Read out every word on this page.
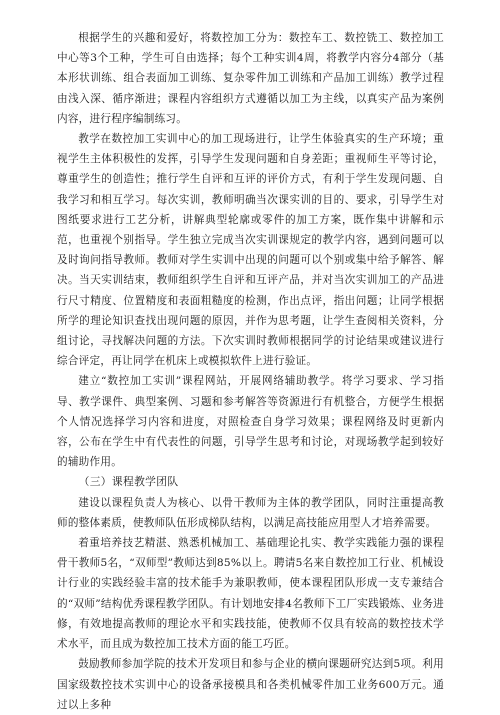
根据学生的兴趣和爱好，将数控加工分为：数控车工、数控铣工、数控加工中心等3个工种，学生可自由选择；每个工种实训4周，将教学内容分4部分（基本形状训练、组合表面加工训练、复杂零件加工训练和产品加工训练）教学过程由浅入深、循序渐进；课程内容组织方式遵循以加工为主线，以真实产品为案例内容，进行程序编制练习。

教学在数控加工实训中心的加工现场进行，让学生体验真实的生产环境；重视学生主体积极性的发挥，引导学生发现问题和自身差距；重视师生平等讨论，尊重学生的创造性；推行学生自评和互评的评价方式，有利于学生发现问题、自我学习和相互学习。每次实训，教师明确当次课实训的目的、要求，引导学生对图纸要求进行工艺分析，讲解典型轮廓或零件的加工方案，既作集中讲解和示范，也重视个别指导。学生独立完成当次实训课规定的教学内容，遇到问题可以及时询问指导教师。教师对学生实训中出现的问题可以个别或集中给予解答、解决。当天实训结束，教师组织学生自评和互评产品，并对当次实训加工的产品进行尺寸精度、位置精度和表面粗糙度的检测，作出点评，指出问题；让同学根据所学的理论知识查找出现问题的原因，并作为思考题，让学生查阅相关资料，分组讨论，寻找解决问题的方法。下次实训时教师根据同学的讨论结果或建议进行综合评定，再让同学在机床上或模拟软件上进行验证。

建立“数控加工实训”课程网站，开展网络辅助教学。将学习要求、学习指导、教学课件、典型案例、习题和参考解答等资源进行有机整合，方便学生根据个人情况选择学习内容和进度，对照检查自身学习效果；课程网络及时更新内容，公布在学生中有代表性的问题，引导学生思考和讨论，对现场教学起到较好的辅助作用。

（三）课程教学团队

建设以课程负责人为核心、以骨干教师为主体的教学团队，同时注重提高教师的整体素质，使教师队伍形成梯队结构，以满足高技能应用型人才培养需要。

着重培养技艺精湛、熟悉机械加工、基础理论扎实、教学实践能力强的课程骨干教师5名，“双师型”教师达到85%以上。聘请5名来自数控加工行业、机械设计行业的实践经验丰富的技术能手为兼职教师，使本课程团队形成一支专兼结合的“双师”结构优秀课程教学团队。有计划地安排4名教师下工厂实践锻炼、业务进修，有效地提高教师的理论水平和实践技能，使教师不仅具有较高的数控技术学术水平，而且成为数控加工技术方面的能工巧匠。

鼓励教师参加学院的技术开发项目和参与企业的横向课题研究达到5项。利用国家级数控技术实训中心的设备承接模具和各类机械零件加工业务600万元。通过以上多种
